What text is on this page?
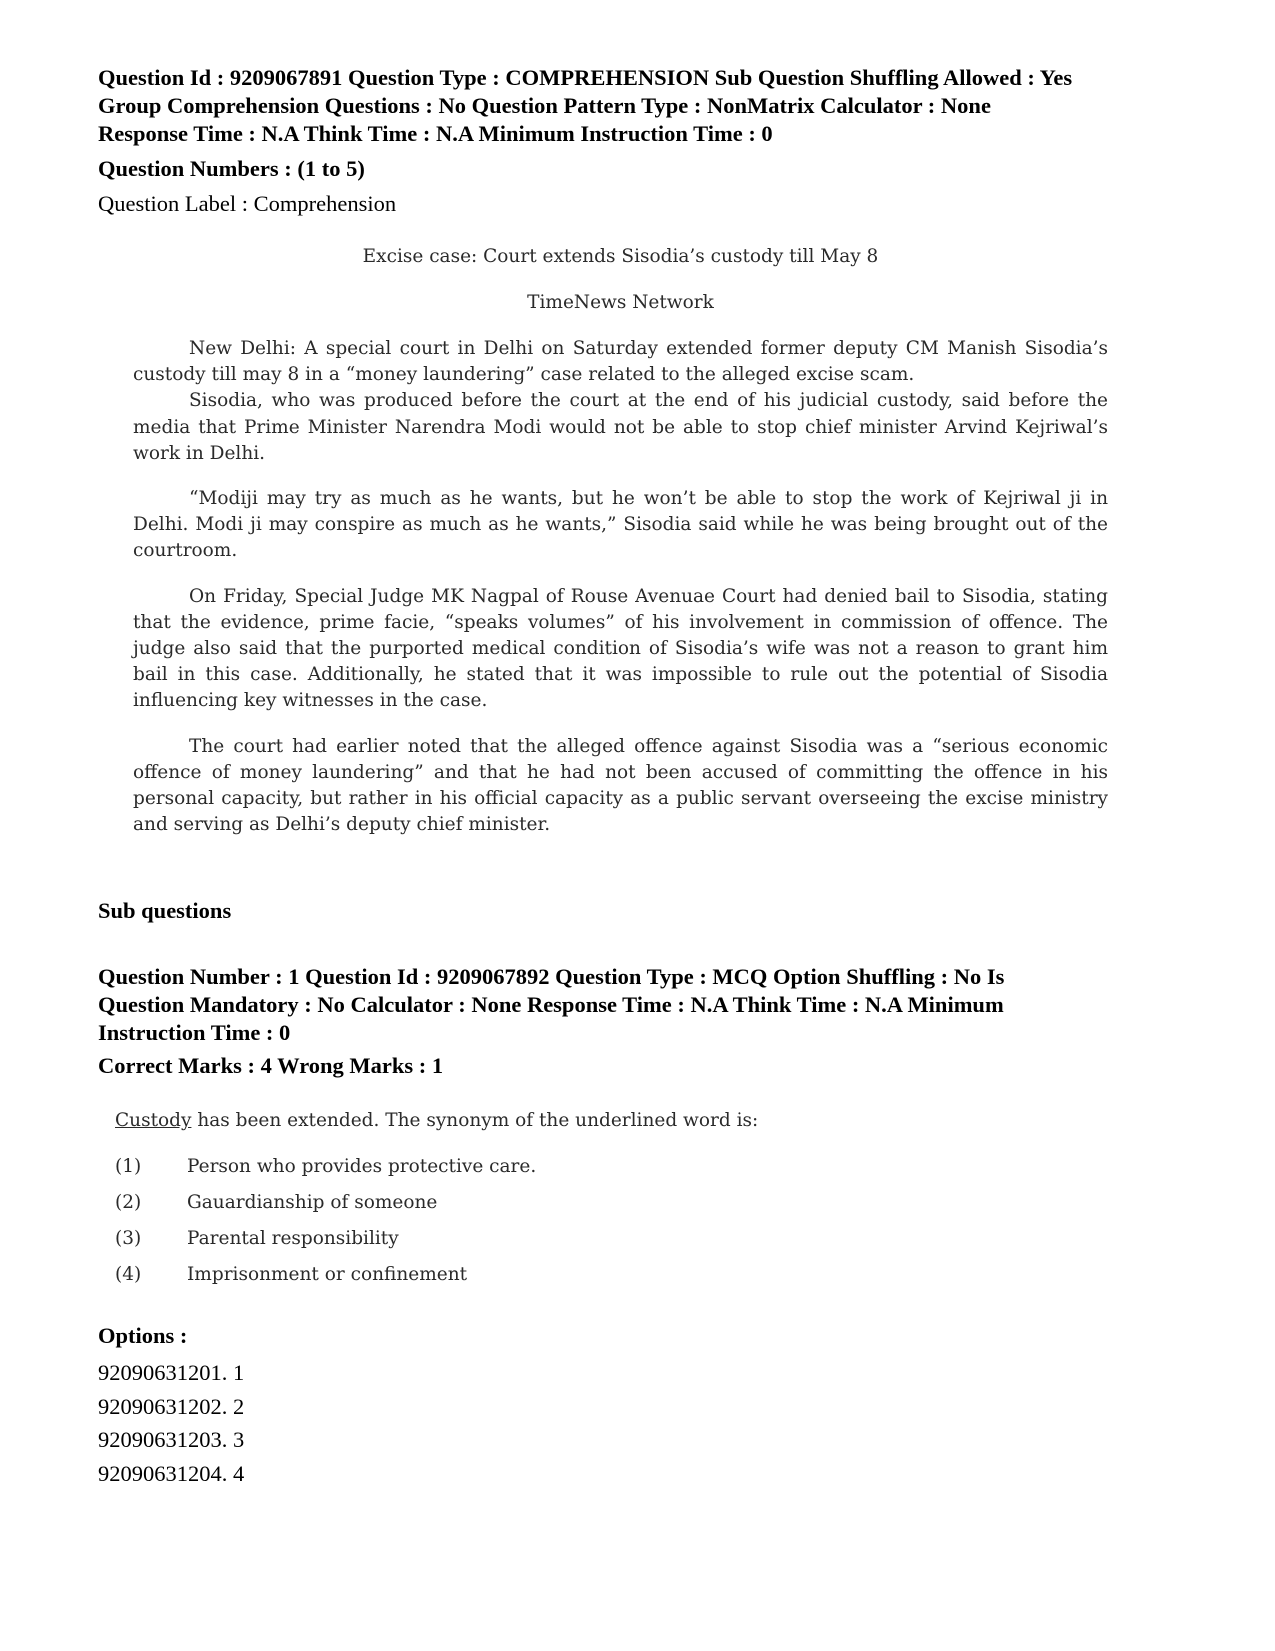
Question Id : 9209067891 Question Type : COMPREHENSION Sub Question Shuffling Allowed : Yes
Group Comprehension Questions : No Question Pattern Type : NonMatrix Calculator : None
Response Time : N.A Think Time : N.A Minimum Instruction Time : 0
Question Numbers : (1 to 5)
Question Label : Comprehension
Excise case: Court extends Sisodia’s custody till May 8
TimeNews Network

New Delhi: A special court in Delhi on Saturday extended former deputy CM Manish Sisodia’s custody till may 8 in a “money laundering” case related to the alleged excise scam.

Sisodia, who was produced before the court at the end of his judicial custody, said before the media that Prime Minister Narendra Modi would not be able to stop chief minister Arvind Kejriwal’s work in Delhi.

“Modiji may try as much as he wants, but he won’t be able to stop the work of Kejriwal ji in Delhi. Modi ji may conspire as much as he wants,” Sisodia said while he was being brought out of the courtroom.

On Friday, Special Judge MK Nagpal of Rouse Avenuae Court had denied bail to Sisodia, stating that the evidence, prime facie, “speaks volumes” of his involvement in commission of offence. The judge also said that the purported medical condition of Sisodia’s wife was not a reason to grant him bail in this case. Additionally, he stated that it was impossible to rule out the potential of Sisodia influencing key witnesses in the case.

The court had earlier noted that the alleged offence against Sisodia was a “serious economic offence of money laundering” and that he had not been accused of committing the offence in his personal capacity, but rather in his official capacity as a public servant overseeing the excise ministry and serving as Delhi’s deputy chief minister.

Sub questions
Question Number : 1 Question Id : 9209067892 Question Type : MCQ Option Shuffling : No Is
Question Mandatory : No Calculator : None Response Time : N.A Think Time : N.A Minimum
Instruction Time : 0
Correct Marks : 4 Wrong Marks : 1
Custody has been extended. The synonym of the underlined word is:
(1)	Person who provides protective care.
(2)	Gauardianship of someone
(3)	Parental responsibility
(4)	Imprisonment or confinement
Options :
92090631201. 1
92090631202. 2
92090631203. 3
92090631204. 4
